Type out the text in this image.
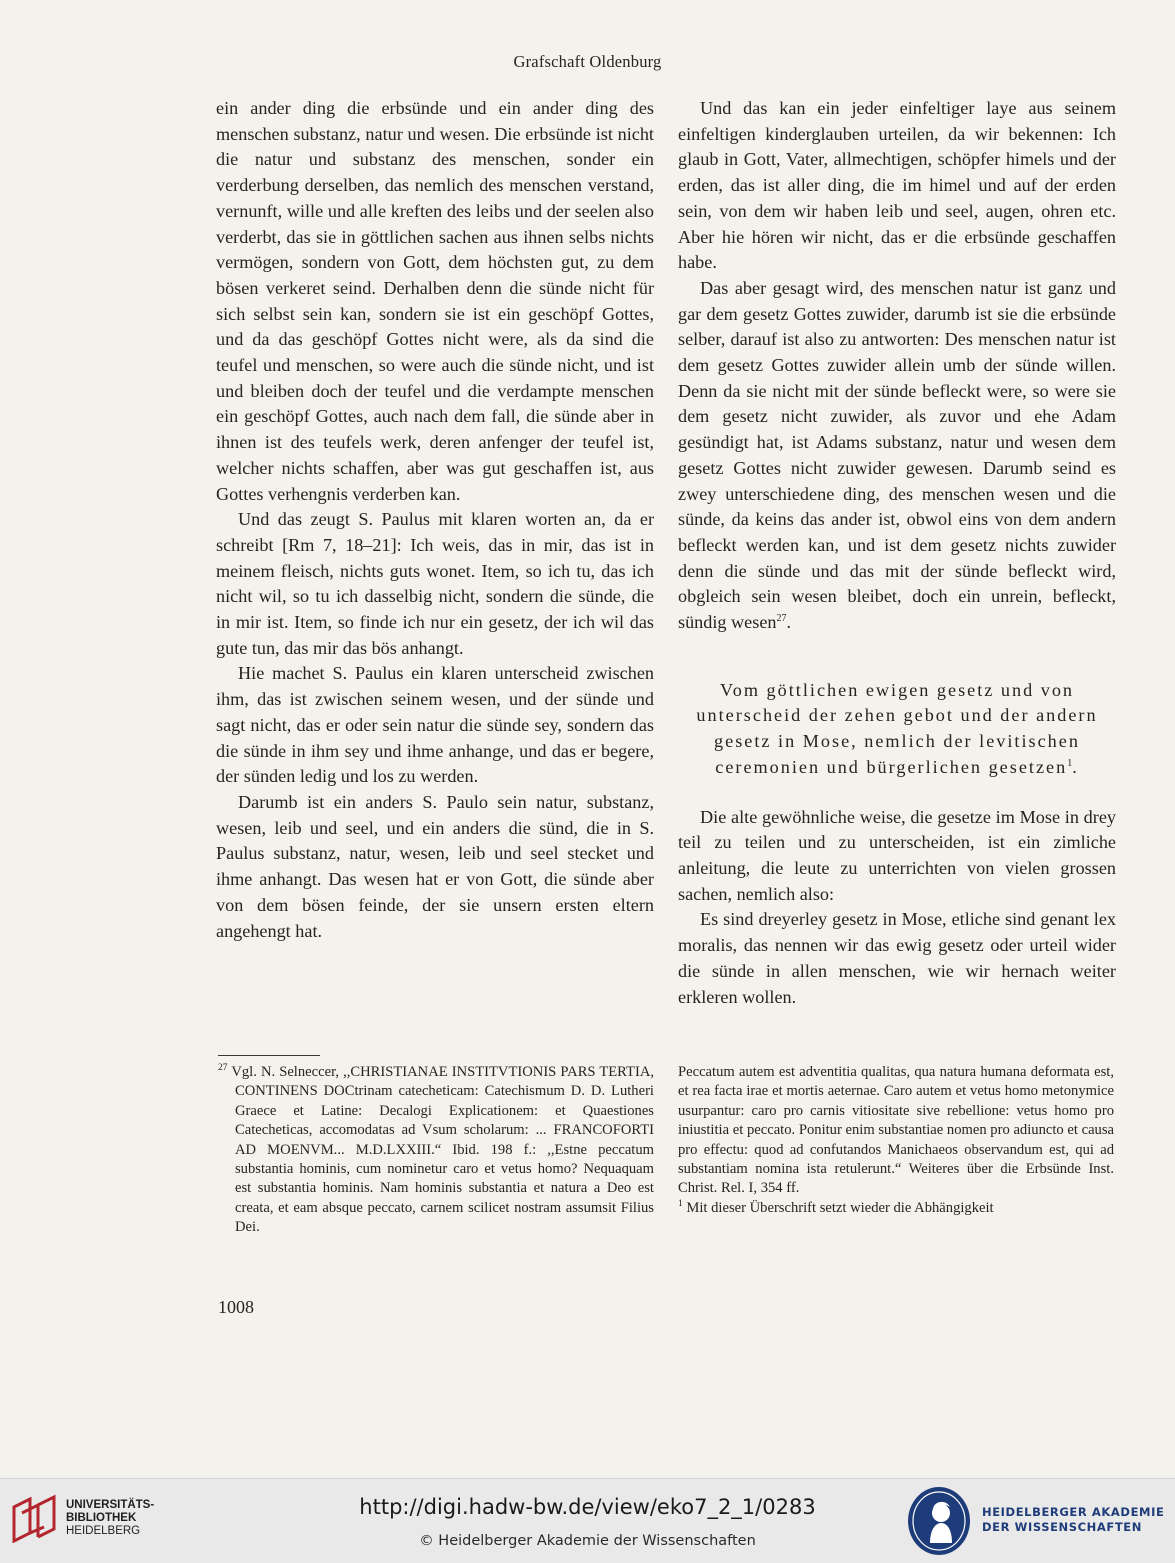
Grafschaft Oldenburg

ein ander ding die erbsünde und ein ander ding des menschen substanz, natur und wesen. Die erbsünde ist nicht die natur und substanz des menschen, sonder ein verderbung derselben, das nemlich des menschen verstand, vernunft, wille und alle kreften des leibs und der seelen also verderbt, das sie in göttlichen sachen aus ihnen selbs nichts vermögen, sondern von Gott, dem höchsten gut, zu dem bösen verkeret seind. Derhalben denn die sünde nicht für sich selbst sein kan, sondern sie ist ein geschöpf Gottes, und da das geschöpf Gottes nicht were, als da sind die teufel und menschen, so were auch die sünde nicht, und ist und bleiben doch der teufel und die verdampte menschen ein geschöpf Gottes, auch nach dem fall, die sünde aber in ihnen ist des teufels werk, deren anfenger der teufel ist, welcher nichts schaffen, aber was gut geschaffen ist, aus Gottes verhengnis verderben kan.

Und das zeugt S. Paulus mit klaren worten an, da er schreibt [Rm 7, 18–21]: Ich weis, das in mir, das ist in meinem fleisch, nichts guts wonet. Item, so ich tu, das ich nicht wil, so tu ich dasselbig nicht, sondern die sünde, die in mir ist. Item, so finde ich nur ein gesetz, der ich wil das gute tun, das mir das bös anhangt.

Hie machet S. Paulus ein klaren unterscheid zwischen ihm, das ist zwischen seinem wesen, und der sünde und sagt nicht, das er oder sein natur die sünde sey, sondern das die sünde in ihm sey und ihme anhange, und das er begere, der sünden ledig und los zu werden.

Darumb ist ein anders S. Paulo sein natur, substanz, wesen, leib und seel, und ein anders die sünd, die in S. Paulus substanz, natur, wesen, leib und seel stecket und ihme anhangt. Das wesen hat er von Gott, die sünde aber von dem bösen feinde, der sie unsern ersten eltern angehengt hat.

Und das kan ein jeder einfeltiger laye aus seinem einfeltigen kinderglauben urteilen, da wir bekennen: Ich glaub in Gott, Vater, allmechtigen, schöpfer himels und der erden, das ist aller ding, die im himel und auf der erden sein, von dem wir haben leib und seel, augen, ohren etc. Aber hie hören wir nicht, das er die erbsünde geschaffen habe.

Das aber gesagt wird, des menschen natur ist ganz und gar dem gesetz Gottes zuwider, darumb ist sie die erbsünde selber, darauf ist also zu antworten: Des menschen natur ist dem gesetz Gottes zuwider allein umb der sünde willen. Denn da sie nicht mit der sünde befleckt were, so were sie dem gesetz nicht zuwider, als zuvor und ehe Adam gesündigt hat, ist Adams substanz, natur und wesen dem gesetz Gottes nicht zuwider gewesen. Darumb seind es zwey unterschiedene ding, des menschen wesen und die sünde, da keins das ander ist, obwol eins von dem andern befleckt werden kan, und ist dem gesetz nichts zuwider denn die sünde und das mit der sünde befleckt wird, obgleich sein wesen bleibet, doch ein unrein, befleckt, sündig wesen$^{27}$.

Vom göttlichen ewigen gesetz und von unterscheid der zehen gebot und der andern gesetz in Mose, nemlich der levitischen ceremonien und bürgerlichen gesetzen$^1$.

Die alte gewöhnliche weise, die gesetze im Mose in drey teil zu teilen und zu unterscheiden, ist ein zimliche anleitung, die leute zu unterrichten von vielen grossen sachen, nemlich also:

Es sind dreyerley gesetz in Mose, etliche sind genant lex moralis, das nennen wir das ewig gesetz oder urteil wider die sünde in allen menschen, wie wir hernach weiter erkleren wollen.

$^{27}$ Vgl. N. Selneccer, ,,CHRISTIANAE INSTITVTIONIS PARS TERTIA, CONTINENS DOCtrinam catecheticam: Catechismum D. D. Lutheri Graece et Latine: Decalogi Explicationem: et Quaestiones Catecheticas, accomodatas ad Vsum scholarum: ... FRANCOFORTI AD MOENVM... M.D.LXXIII.“ Ibid. 198 f.: ,,Estne peccatum substantia hominis, cum nominetur caro et vetus homo? Nequaquam est substantia hominis. Nam hominis substantia et natura a Deo est creata, et eam absque peccato, carnem scilicet nostram assumsit Filius Dei.

Peccatum autem est adventitia qualitas, qua natura humana deformata est, et rea facta irae et mortis aeternae. Caro autem et vetus homo metonymice usurpantur: caro pro carnis vitiositate sive rebellione: vetus homo pro iniustitia et peccato. Ponitur enim substantiae nomen pro adiuncto et causa pro effectu: quod ad confutandos Manichaeos observandum est, qui ad substantiam nomina ista retulerunt.“ Weiteres über die Erbsünde Inst. Christ. Rel. I, 354 ff.

$^1$ Mit dieser Überschrift setzt wieder die Abhängigkeit

1008
UNIVERSITÄTS-
BIBLIOTHEK
HEIDELBERG
http://digi.hadw-bw.de/view/eko7_2_1/0283
© Heidelberger Akademie der Wissenschaften
HEIDELBERGER AKADEMIE
DER WISSENSCHAFTEN
